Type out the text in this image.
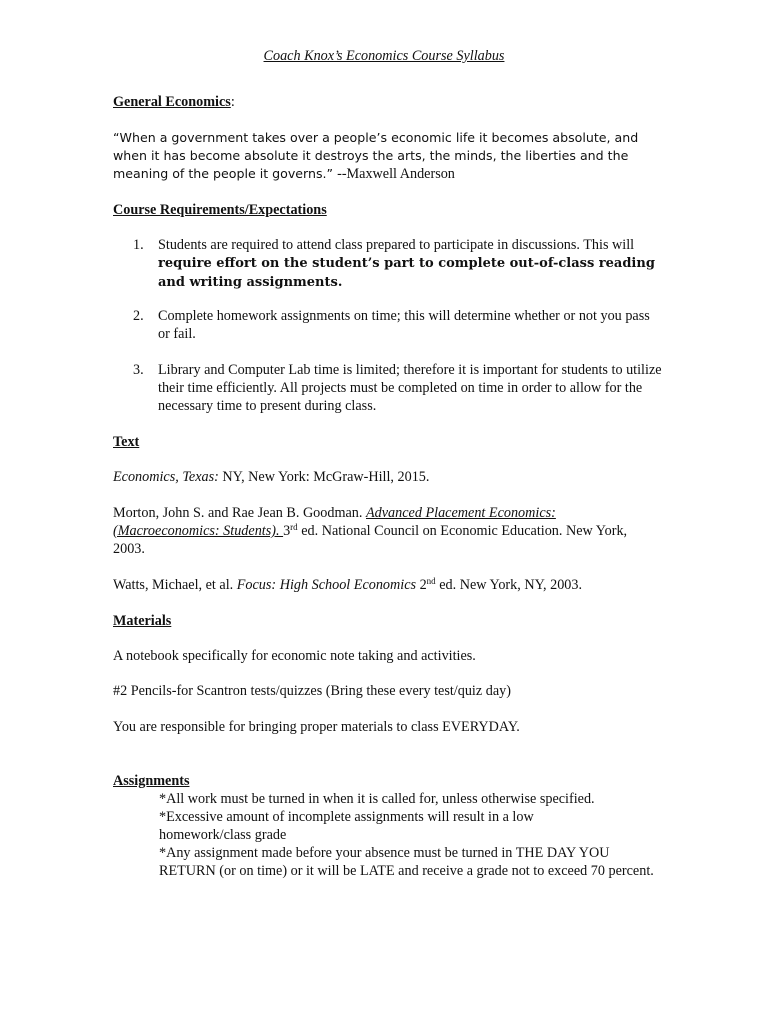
Coach Knox’s Economics Course Syllabus
General Economics:
“When a government takes over a people’s economic life it becomes absolute, and when it has become absolute it destroys the arts, the minds, the liberties and the meaning of the people it governs.” --Maxwell Anderson
Course Requirements/Expectations
1.	Students are required to attend class prepared to participate in discussions. This will require effort on the student’s part to complete out-of-class reading and writing assignments.
2.	Complete homework assignments on time; this will determine whether or not you pass or fail.
3.	Library and Computer Lab time is limited; therefore it is important for students to utilize their time efficiently. All projects must be completed on time in order to allow for the necessary time to present during class.
Text
Economics, Texas: NY, New York: McGraw-Hill, 2015.
Morton, John S. and Rae Jean B. Goodman. Advanced Placement Economics: (Macroeconomics: Students). 3rd ed. National Council on Economic Education. New York, 2003.
Watts, Michael, et al. Focus: High School Economics 2nd ed. New York, NY, 2003.
Materials
A notebook specifically for economic note taking and activities.
#2 Pencils-for Scantron tests/quizzes (Bring these every test/quiz day)
You are responsible for bringing proper materials to class EVERYDAY.
Assignments
*All work must be turned in when it is called for, unless otherwise specified.
*Excessive amount of incomplete assignments will result in a low homework/class grade
*Any assignment made before your absence must be turned in THE DAY YOU RETURN (or on time) or it will be LATE and receive a grade not to exceed 70 percent.
